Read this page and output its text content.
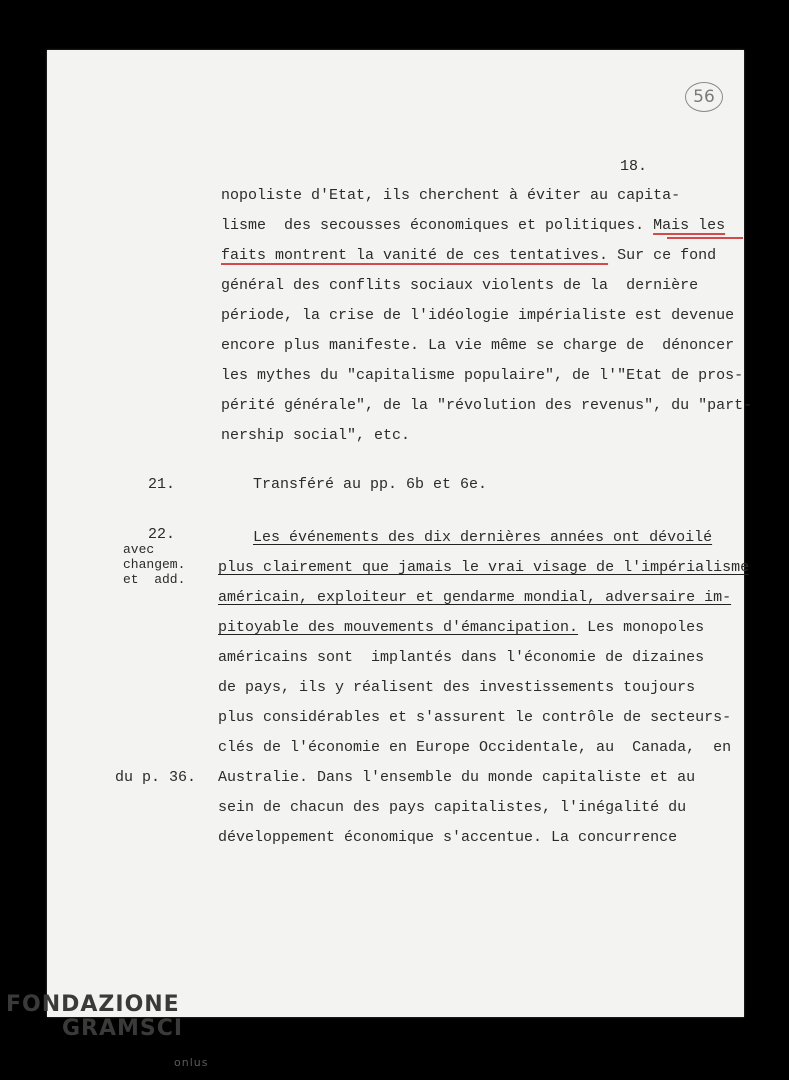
56
18.
nopoliste d'Etat, ils cherchent à éviter au capita-
lisme  des secousses économiques et politiques. Mais les
faits montrent la vanité de ces tentatives. Sur ce fond
général des conflits sociaux violents de la  dernière
période, la crise de l'idéologie impérialiste est devenue
encore plus manifeste. La vie même se charge de  dénoncer
les mythes du "capitalisme populaire", de l'"Etat de pros-
périté générale", de la "révolution des revenus", du "part-
nership social", etc.
21.	Transféré au pp. 6b et 6e.
22.
avec
changem.
et  add.
Les événements des dix dernières années ont dévoilé
plus clairement que jamais le vrai visage de l'impérialisme
américain, exploiteur et gendarme mondial, adversaire im-
pitoyable des mouvements d'émancipation. Les monopoles
américains sont  implantés dans l'économie de dizaines
de pays, ils y réalisent des investissements toujours
plus considérables et s'assurent le contrôle de secteurs-
clés de l'économie en Europe Occidentale, au  Canada,  en
du p. 36. Australie. Dans l'ensemble du monde capitaliste et au
sein de chacun des pays capitalistes, l'inégalité du
développement économique s'accentue. La concurrence
FONDAZIONE
GRAMSCI
onlus
